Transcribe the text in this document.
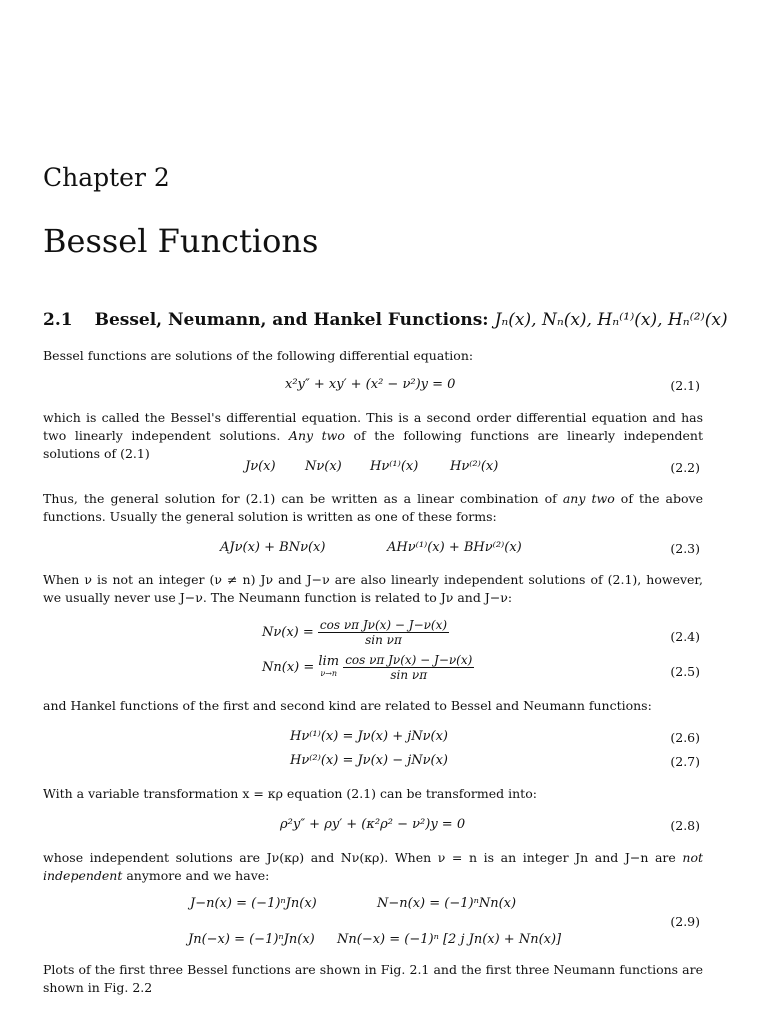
Chapter 2
Bessel Functions
2.1 Bessel, Neumann, and Hankel Functions: Jₙ(x), Nₙ(x), Hₙ⁽¹⁾(x), Hₙ⁽²⁾(x)

Bessel functions are solutions of the following differential equation:

x²y″ + xy′ + (x² − ν²)y = 0	(2.1)

which is called the Bessel's differential equation. This is a second order differential equation and has two linearly independent solutions. Any two of the following functions are linearly independent solutions of (2.1)

Jν(x) Nν(x) Hν⁽¹⁾(x) Hν⁽²⁾(x)	(2.2)

Thus, the general solution for (2.1) can be written as a linear combination of any two of the above functions. Usually the general solution is written as one of these forms:

AJν(x) + BNν(x)	AHν⁽¹⁾(x) + BHν⁽²⁾(x)	(2.3)

When ν is not an integer (ν ≠ n) Jν and J−ν are also linearly independent solutions of (2.1), however, we usually never use J−ν. The Neumann function is related to Jν and J−ν:

$N\nu(x) = \frac{\text{cos νπ Jν(x) − J−ν(x)}}{\text{sin νπ}}$	(2.4)
Nn(x) = lim
ν→n
$\frac{\text{cos νπ Jν(x) − J−ν(x)}}{\text{sin νπ}}$	(2.5)

and Hankel functions of the first and second kind are related to Bessel and Neumann functions:

Hν⁽¹⁾(x) = Jν(x) + jNν(x)	(2.6)
Hν⁽²⁾(x) = Jν(x) − jNν(x)	(2.7)

With a variable transformation x = κρ equation (2.1) can be transformed into:

ρ²y″ + ρy′ + (κ²ρ² − ν²)y = 0	(2.8)

whose independent solutions are Jν(κρ) and Nν(κρ). When ν = n is an integer Jn and J−n are not independent anymore and we have:

J−n(x) = (−1)ⁿJn(x)	N−n(x) = (−1)ⁿNn(x)
Jn(−x) = (−1)ⁿJn(x) Nn(−x) = (−1)ⁿ [2 j Jn(x) + Nn(x)]
(2.9)

Plots of the first three Bessel functions are shown in Fig. 2.1 and the first three Neumann functions are shown in Fig. 2.2
